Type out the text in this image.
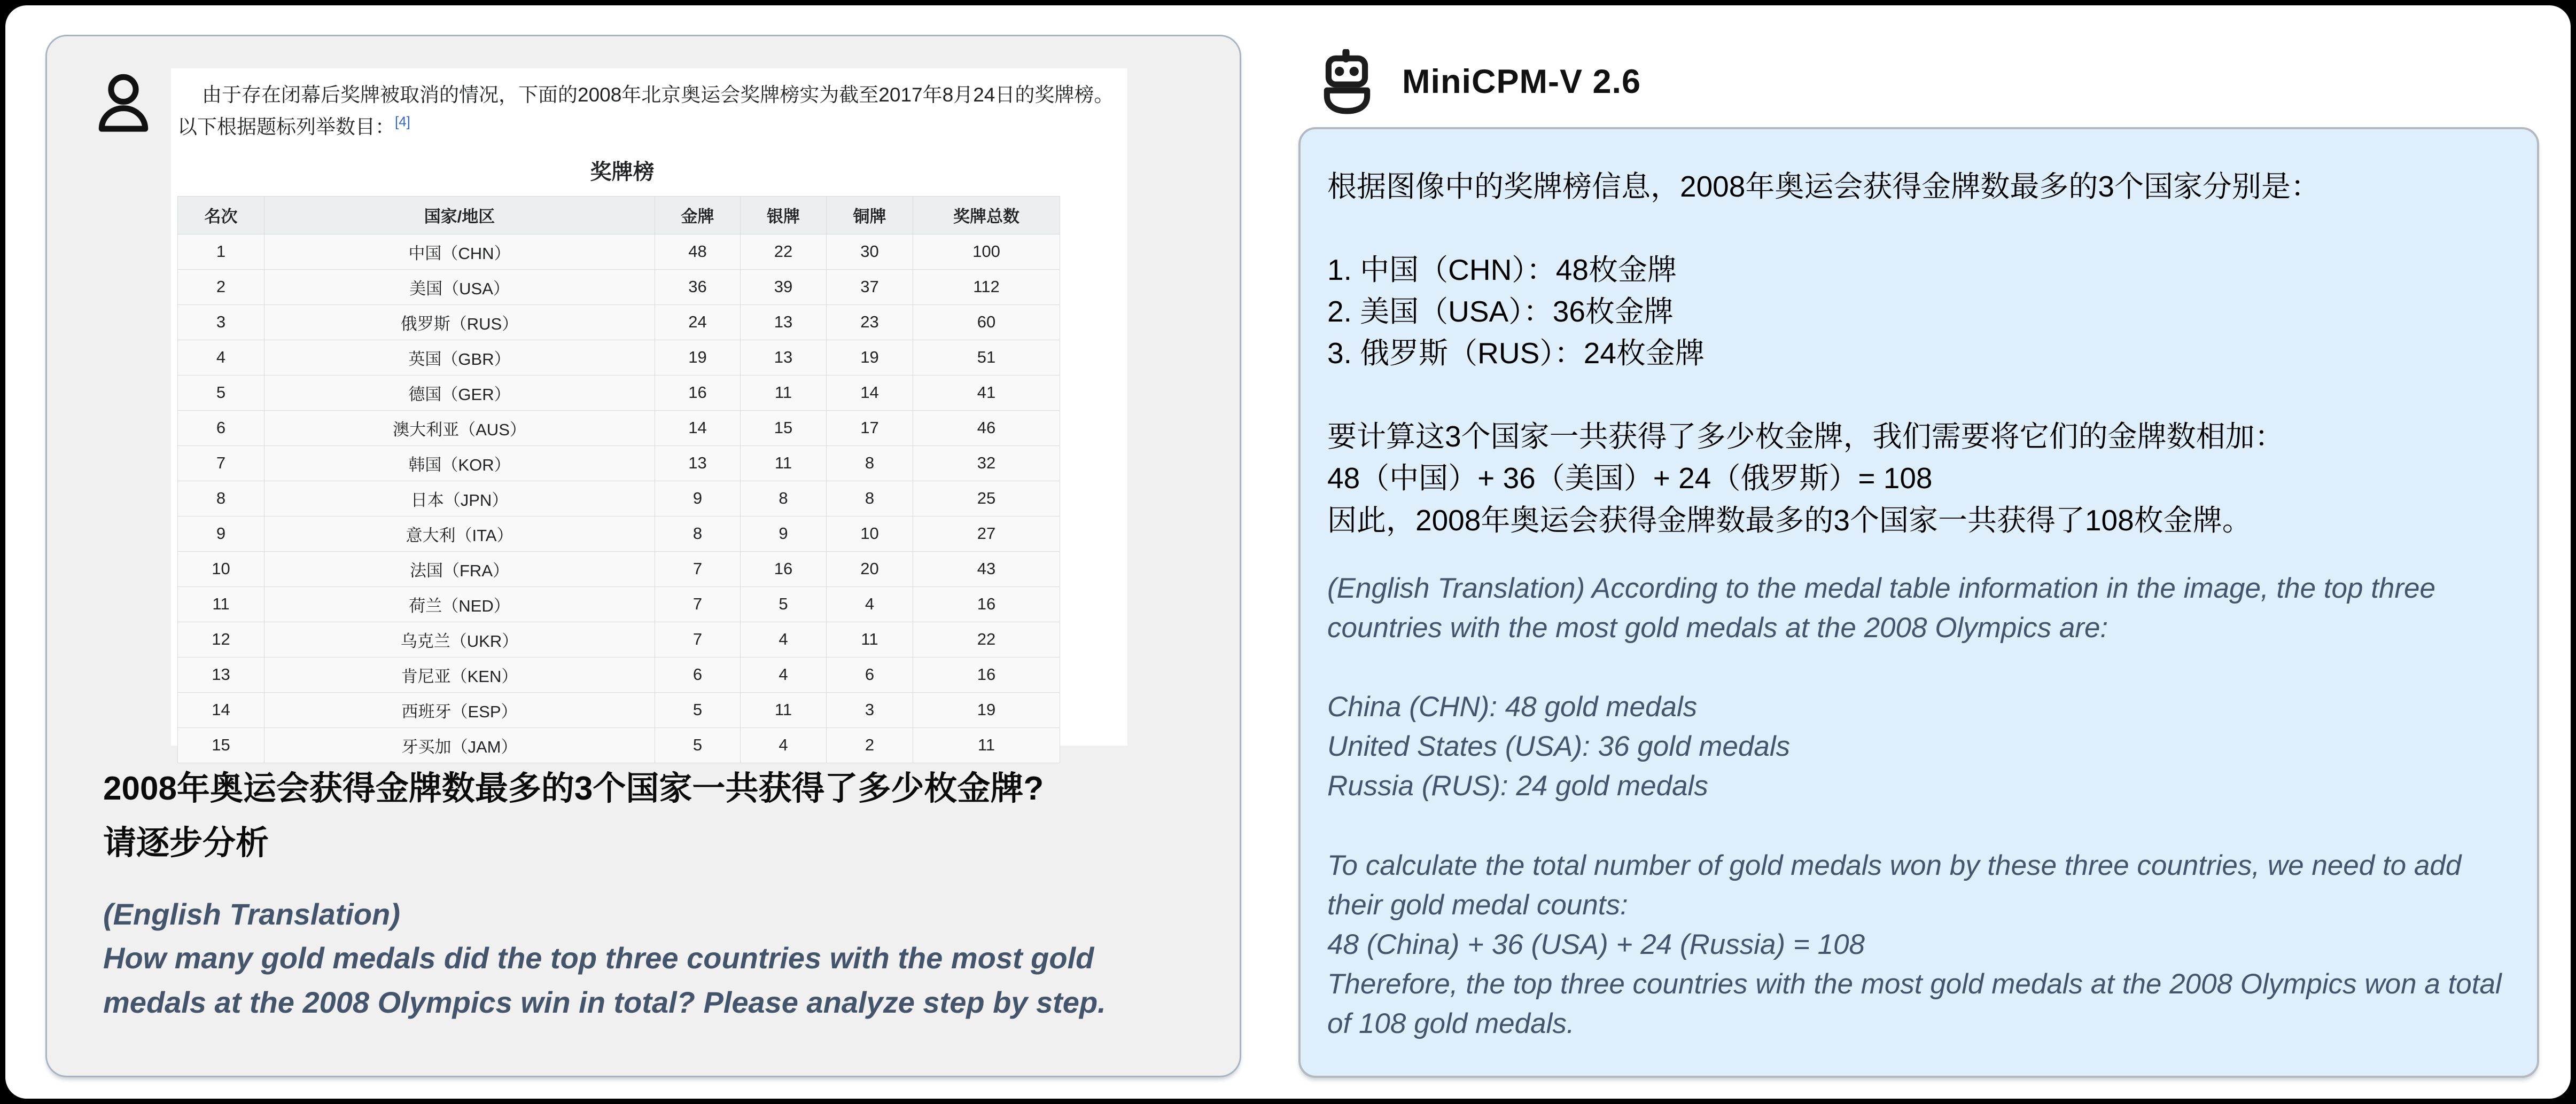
由于存在闭幕后奖牌被取消的情况，下面的2008年北京奥运会奖牌榜实为截至2017年8月24日的奖牌榜。以下根据题标列举数目：[4]

奖牌榜
名次	国家/地区	金牌	银牌	铜牌	奖牌总数
1	中国（CHN）	48	22	30	100
2	美国（USA）	36	39	37	112
3	俄罗斯（RUS）	24	13	23	60
4	英国（GBR）	19	13	19	51
5	德国（GER）	16	11	14	41
6	澳大利亚（AUS）	14	15	17	46
7	韩国（KOR）	13	11	8	32
8	日本（JPN）	9	8	8	25
9	意大利（ITA）	8	9	10	27
10	法国（FRA）	7	16	20	43
11	荷兰（NED）	7	5	4	16
12	乌克兰（UKR）	7	4	11	22
13	肯尼亚（KEN）	6	4	6	16
14	西班牙（ESP）	5	11	3	19
15	牙买加（JAM）	5	4	2	11
2008年奥运会获得金牌数最多的3个国家一共获得了多少枚金牌?
请逐步分析
(English Translation)
How many gold medals did the top three countries with the most gold medals at the 2008 Olympics win in total? Please analyze step by step.
MiniCPM-V 2.6

根据图像中的奖牌榜信息，2008年奥运会获得金牌数最多的3个国家分别是：

1. 中国（CHN）：48枚金牌
2. 美国（USA）：36枚金牌
3. 俄罗斯（RUS）：24枚金牌
要计算这3个国家一共获得了多少枚金牌，我们需要将它们的金牌数相加：
48（中国）+ 36（美国）+ 24（俄罗斯）= 108
因此，2008年奥运会获得金牌数最多的3个国家一共获得了108枚金牌。

(English Translation) According to the medal table information in the image, the top three countries with the most gold medals at the 2008 Olympics are:

China (CHN): 48 gold medals
United States (USA): 36 gold medals
Russia (RUS): 24 gold medals
To calculate the total number of gold medals won by these three countries, we need to add their gold medal counts:
48 (China) + 36 (USA) + 24 (Russia) = 108
Therefore, the top three countries with the most gold medals at the 2008 Olympics won a total of 108 gold medals.
